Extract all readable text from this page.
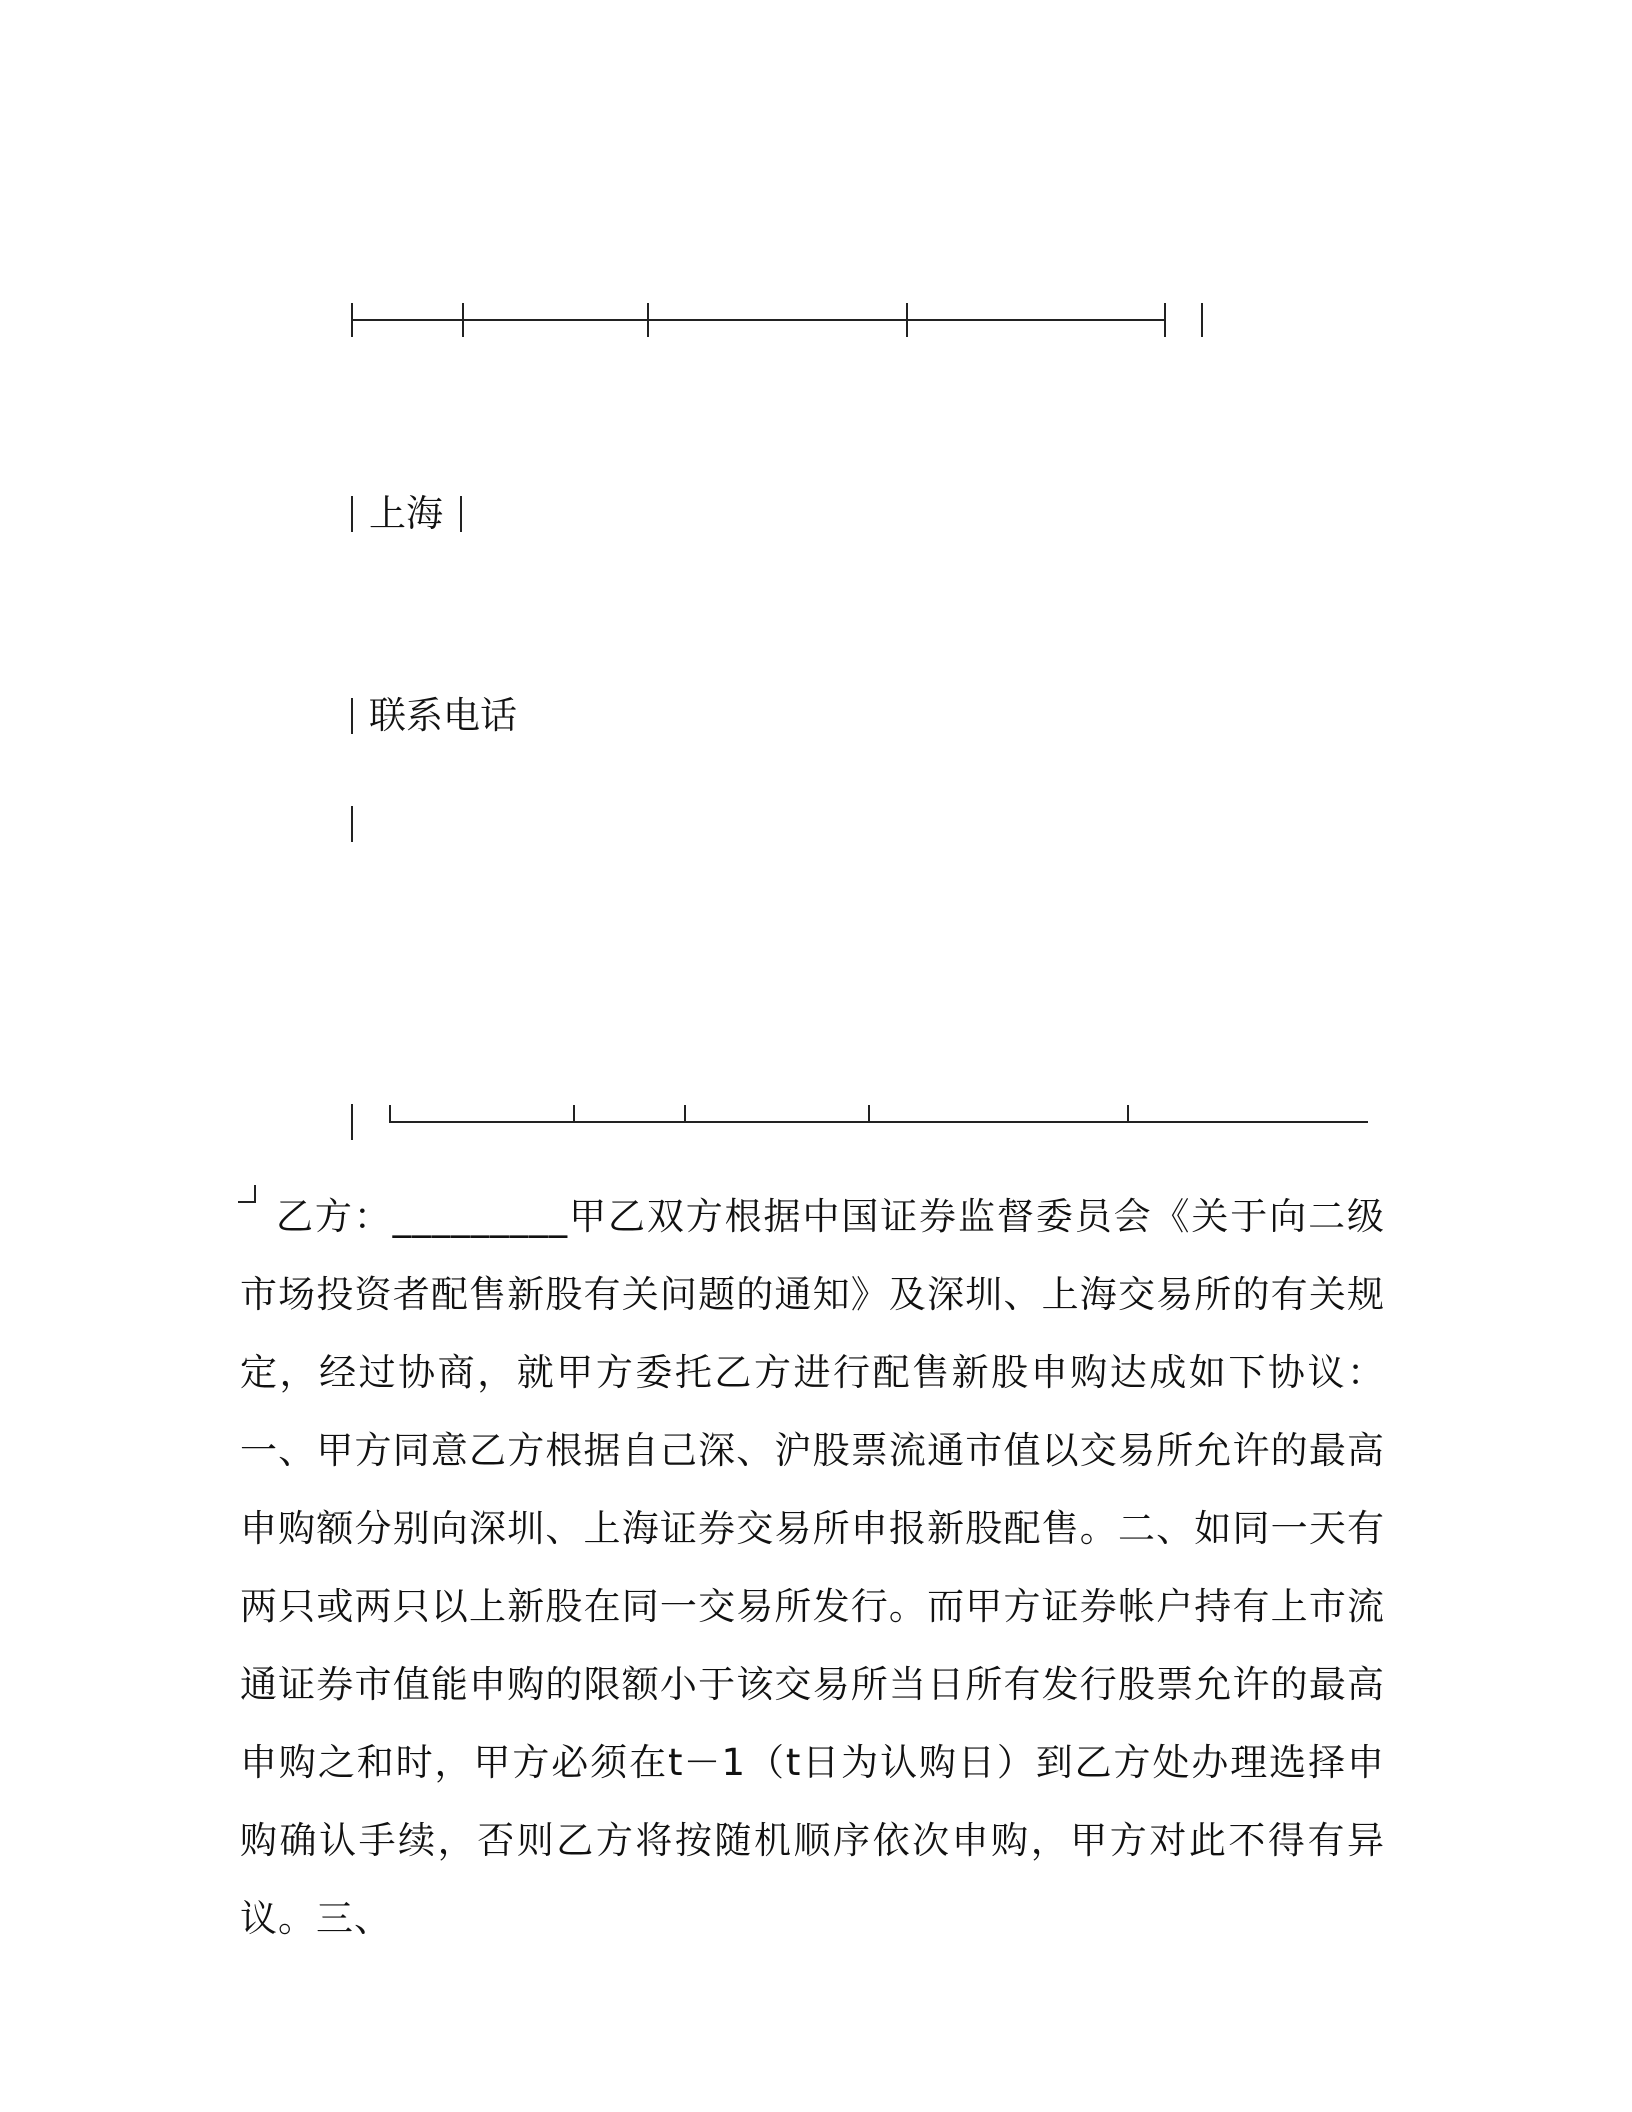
上海
联系电话
乙方：_________甲乙双方根据中国证券监督委员会《关于向二级市场投资者配售新股有关问题的通知》及深圳、上海交易所的有关规定，经过协商，就甲方委托乙方进行配售新股申购达成如下协议：一、甲方同意乙方根据自己深、沪股票流通市值以交易所允许的最高申购额分别向深圳、上海证券交易所申报新股配售。二、如同一天有两只或两只以上新股在同一交易所发行。而甲方证券帐户持有上市流通证券市值能申购的限额小于该交易所当日所有发行股票允许的最高申购之和时，甲方必须在t－1（t日为认购日）到乙方处办理选择申购确认手续，否则乙方将按随机顺序依次申购，甲方对此不得有异议。三、
